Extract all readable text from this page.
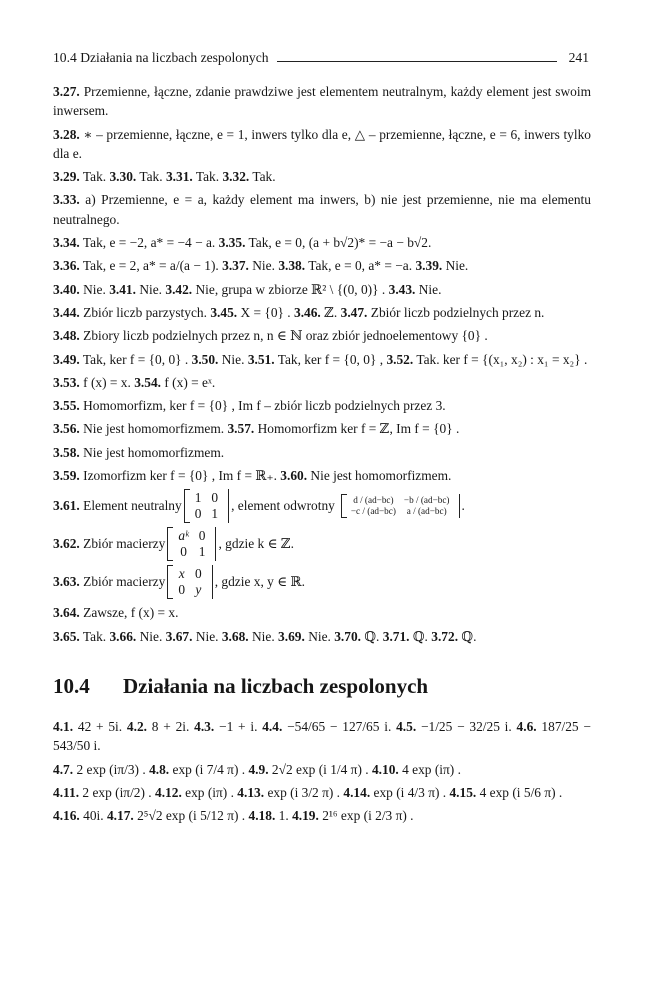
10.4 Działania na liczbach zespolonych	241
3.27. Przemienne, łączne, zdanie prawdziwe jest elementem neutralnym, każdy element jest swoim inwersem.
3.28. ∗ – przemienne, łączne, e = 1, inwers tylko dla e, △ – przemienne, łączne, e = 6, inwers tylko dla e.
3.29. Tak. 3.30. Tak. 3.31. Tak. 3.32. Tak.
3.33. a) Przemienne, e = a, każdy element ma inwers, b) nie jest przemienne, nie ma elementu neutralnego.
3.34. Tak, e = −2, a* = −4 − a. 3.35. Tak, e = 0, (a + b√2)* = −a − b√2.
3.36. Tak, e = 2, a* = a/(a − 1). 3.37. Nie. 3.38. Tak, e = 0, a* = −a. 3.39. Nie.
3.40. Nie. 3.41. Nie. 3.42. Nie, grupa w zbiorze ℝ² \ {(0, 0)} . 3.43. Nie.
3.44. Zbiór liczb parzystych. 3.45. X = {0} . 3.46. ℤ. 3.47. Zbiór liczb podzielnych przez n.
3.48. Zbiory liczb podzielnych przez n, n ∈ ℕ oraz zbiór jednoelementowy {0} .
3.49. Tak, ker f = {0, 0} . 3.50. Nie. 3.51. Tak, ker f = {0, 0} , 3.52. Tak. ker f = {(x₁, x₂) : x₁ = x₂} .
3.53. f (x) = x. 3.54. f (x) = eˣ.
3.55. Homomorfizm, ker f = {0} , Im f – zbiór liczb podzielnych przez 3.
3.56. Nie jest homomorfizmem. 3.57. Homomorfizm ker f = ℤ, Im f = {0} .
3.58. Nie jest homomorfizmem.
3.59. Izomorfizm ker f = {0} , Im f = ℝ₊. 3.60. Nie jest homomorfizmem.
3.61.
Element neutralny
1	0
0	1
, element odwrotny d / (ad−bc)	−b / (ad−bc)
−c / (ad−bc)	a / (ad−bc) .
3.62.
Zbiór macierzy
aᵏ	0
0	1
, gdzie k ∈ ℤ.
3.63.
Zbiór macierzy
x	0
0	y
, gdzie x, y ∈ ℝ.
3.64. Zawsze, f (x) = x.
3.65. Tak. 3.66. Nie. 3.67. Nie. 3.68. Nie. 3.69. Nie. 3.70. ℚ. 3.71. ℚ. 3.72. ℚ.
10.4 Działania na liczbach zespolonych
4.1. 42 + 5i. 4.2. 8 + 2i. 4.3. −1 + i. 4.4. −54/65 − 127/65 i. 4.5. −1/25 − 32/25 i. 4.6. 187/25 − 543/50 i.
4.7. 2 exp (iπ/3) . 4.8. exp (i 7/4 π) . 4.9. 2√2 exp (i 1/4 π) . 4.10. 4 exp (iπ) .
4.11. 2 exp (iπ/2) . 4.12. exp (iπ) . 4.13. exp (i 3/2 π) . 4.14. exp (i 4/3 π) . 4.15. 4 exp (i 5/6 π) .
4.16. 40i. 4.17. 2⁵√2 exp (i 5/12 π) . 4.18. 1. 4.19. 2¹⁶ exp (i 2/3 π) .
